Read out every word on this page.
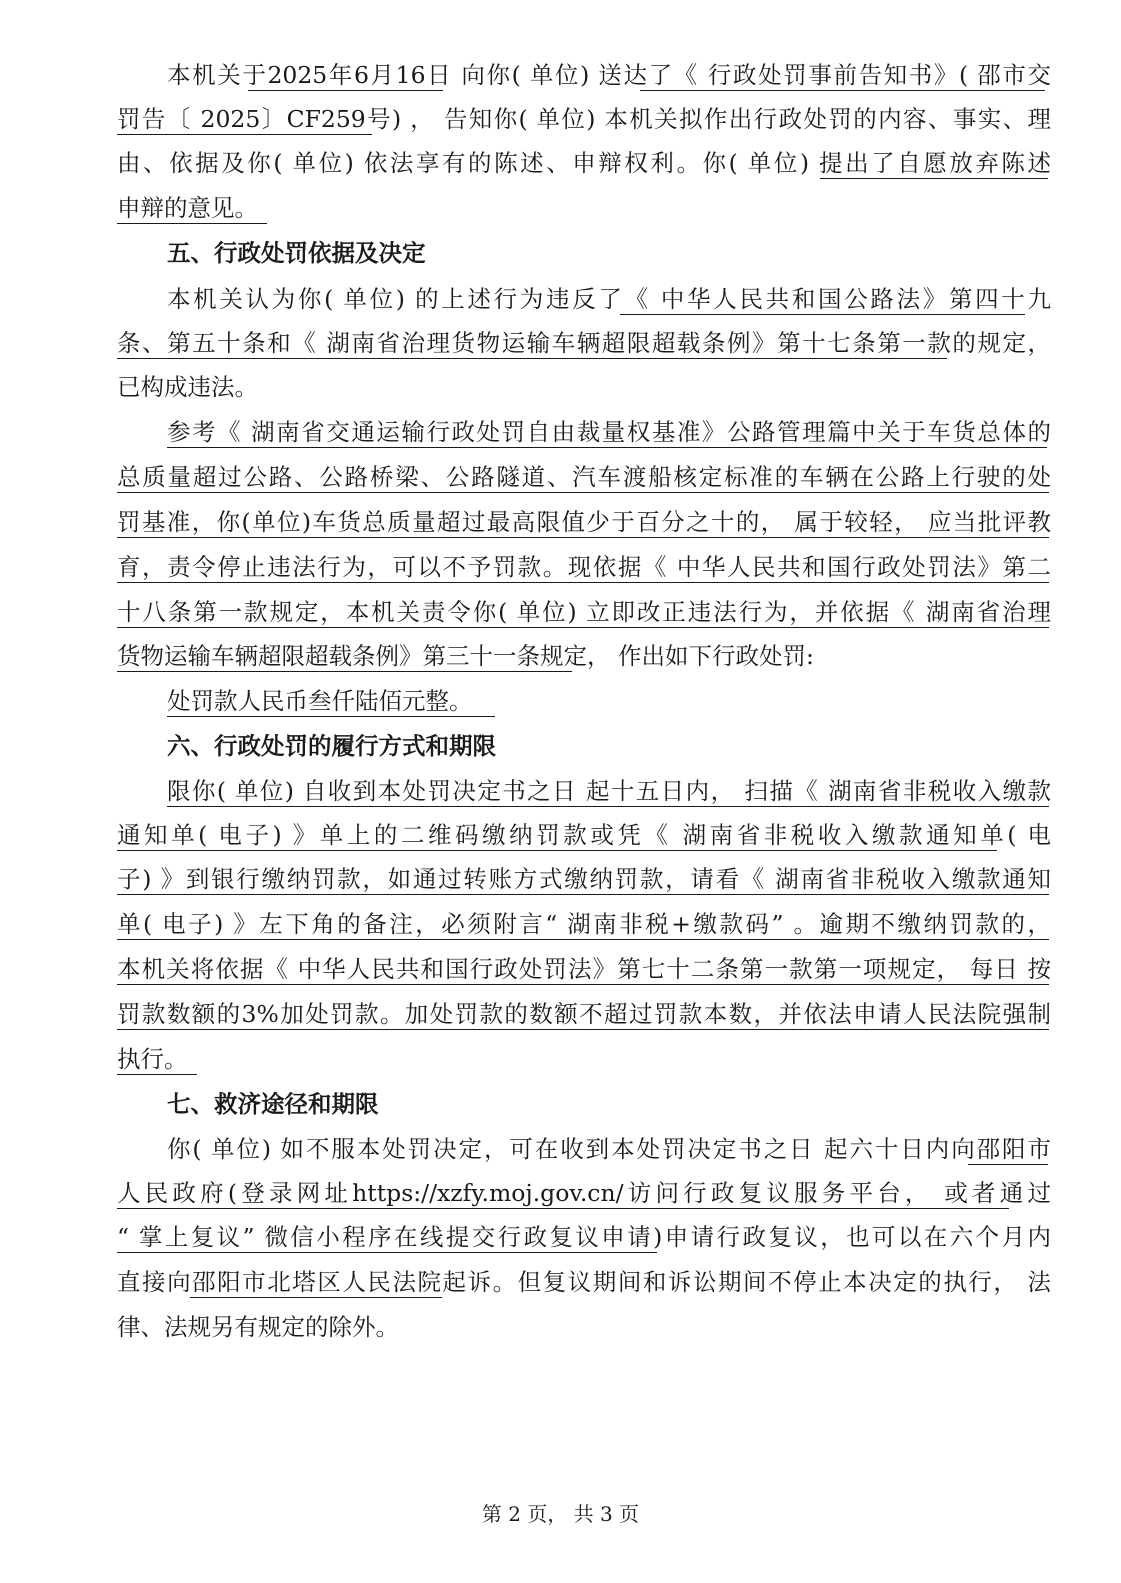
本机关于2025年6月16日 向你( 单位) 送达了《 行政处罚事前告知书》( 邵市交
罚告〔 2025〕CF259号) ， 告知你( 单位) 本机关拟作出行政处罚的内容、事实、理
由、依据及你( 单位) 依法享有的陈述、申辩权利。你( 单位) 提出了自愿放弃陈述
申辩的意见。
五、行政处罚依据及决定
本机关认为你( 单位) 的上述行为违反了《 中华人民共和国公路法》第四十九
条、第五十条和《 湖南省治理货物运输车辆超限超载条例》第十七条第一款的规定，
已构成违法。
参考《 湖南省交通运输行政处罚自由裁量权基准》公路管理篇中关于车货总体的
总质量超过公路、公路桥梁、公路隧道、汽车渡船核定标准的车辆在公路上行驶的处
罚基准，你(单位)车货总质量超过最高限值少于百分之十的， 属于较轻， 应当批评教
育，责令停止违法行为，可以不予罚款。现依据《 中华人民共和国行政处罚法》第二
十八条第一款规定，本机关责令你( 单位) 立即改正违法行为，并依据《 湖南省治理
货物运输车辆超限超载条例》第三十一条规定， 作出如下行政处罚:
处罚款人民币叁仟陆佰元整。
六、行政处罚的履行方式和期限
限你( 单位) 自收到本处罚决定书之日 起十五日内， 扫描《 湖南省非税收入缴款
通知单( 电子) 》单上的二维码缴纳罚款或凭《 湖南省非税收入缴款通知单( 电
子) 》到银行缴纳罚款，如通过转账方式缴纳罚款，请看《 湖南省非税收入缴款通知
单( 电子) 》左下角的备注，必须附言“ 湖南非税+缴款码” 。逾期不缴纳罚款的，
本机关将依据《 中华人民共和国行政处罚法》第七十二条第一款第一项规定， 每日 按
罚款数额的3%加处罚款。加处罚款的数额不超过罚款本数，并依法申请人民法院强制
执行。
七、救济途径和期限
你( 单位) 如不服本处罚决定，可在收到本处罚决定书之日 起六十日内向邵阳市
人民政府(登录网址https://xzfy.moj.gov.cn/访问行政复议服务平台， 或者通过
“ 掌上复议” 微信小程序在线提交行政复议申请)申请行政复议，也可以在六个月内
直接向邵阳市北塔区人民法院起诉。但复议期间和诉讼期间不停止本决定的执行， 法
律、法规另有规定的除外。
第 2 页， 共 3 页
